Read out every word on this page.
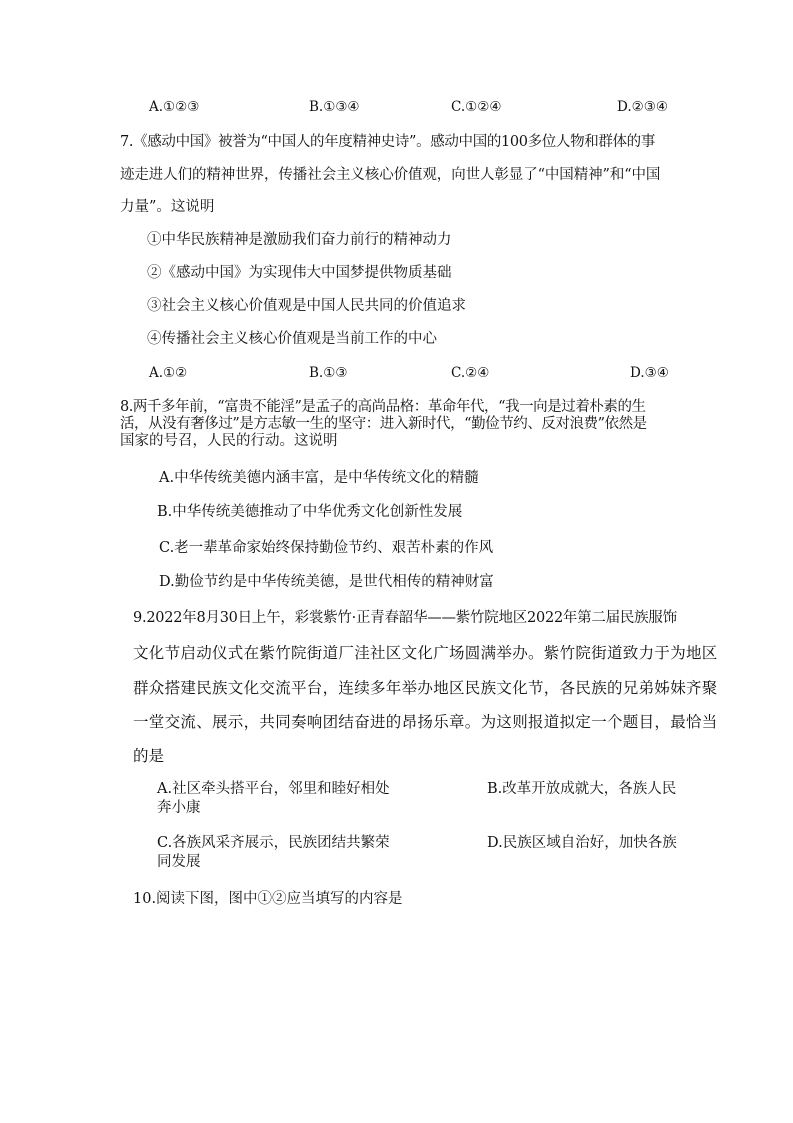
A.①②③	B.①③④	C.①②④	D.②③④
7.《感动中国》被誉为“中国人的年度精神史诗”。感动中国的100多位人物和群体的事
迹走进人们的精神世界，传播社会主义核心价值观，向世人彰显了“中国精神”和“中国
力量”。这说明
①中华民族精神是激励我们奋力前行的精神动力
②《感动中国》为实现伟大中国梦提供物质基础
③社会主义核心价值观是中国人民共同的价值追求
④传播社会主义核心价值观是当前工作的中心
A.①②	B.①③	C.②④	D.③④
8.两千多年前，“富贵不能淫”是孟子的高尚品格：革命年代，“我一向是过着朴素的生
活，从没有奢侈过”是方志敏一生的坚守：进入新时代，“勤俭节约、反对浪费”依然是
国家的号召，人民的行动。这说明
A.中华传统美德内涵丰富，是中华传统文化的精髓
B.中华传统美德推动了中华优秀文化创新性发展
C.老一辈革命家始终保持勤俭节约、艰苦朴素的作风
D.勤俭节约是中华传统美德，是世代相传的精神财富
9.2022年8月30日上午，彩裳紫竹·正青春韶华——紫竹院地区2022年第二届民族服饰
文化节启动仪式在紫竹院街道厂洼社区文化广场圆满举办。紫竹院街道致力于为地区
群众搭建民族文化交流平台，连续多年举办地区民族文化节，各民族的兄弟姊妹齐聚
一堂交流、展示，共同奏响团结奋进的昂扬乐章。为这则报道拟定一个题目，最恰当
的是
A.社区牵头搭平台，邻里和睦好相处
奔小康
B.改革开放成就大，各族人民
C.各族风采齐展示，民族团结共繁荣
同发展
D.民族区域自治好，加快各族
10.阅读下图，图中①②应当填写的内容是
